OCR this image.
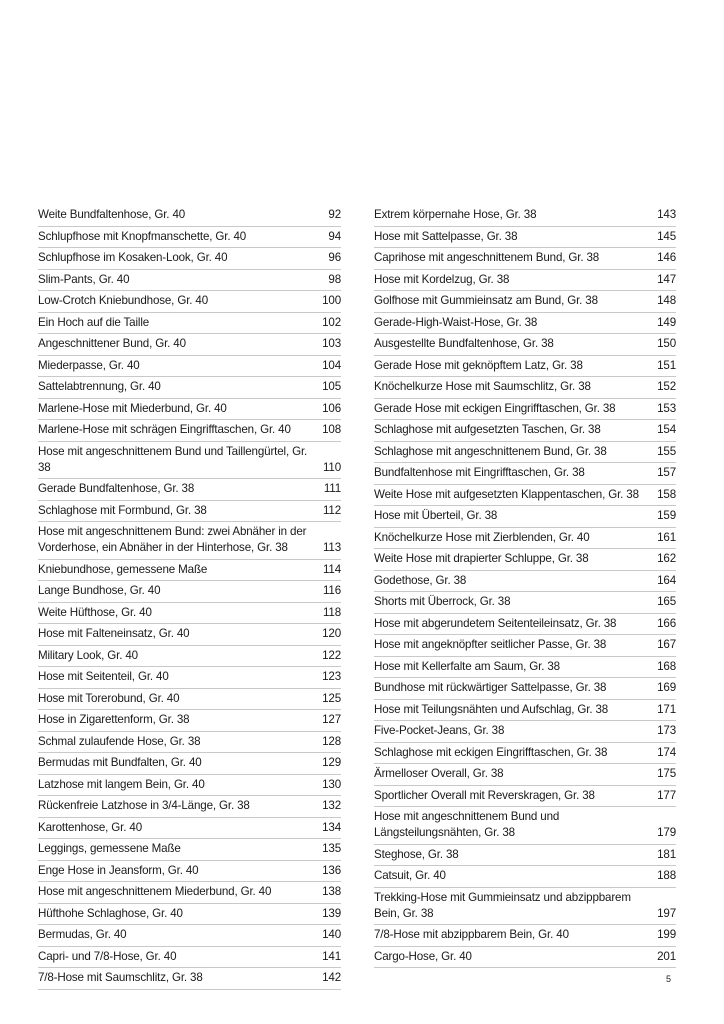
Weite Bundfaltenhose, Gr. 40	92
Schlupfhose mit Knopfmanschette, Gr. 40	94
Schlupfhose im Kosaken-Look, Gr. 40	96
Slim-Pants, Gr. 40	98
Low-Crotch Kniebundhose, Gr. 40	100
Ein Hoch auf die Taille	102
Angeschnittener Bund, Gr. 40	103
Miederpasse, Gr. 40	104
Sattelabtrennung, Gr. 40	105
Marlene-Hose mit Miederbund, Gr. 40	106
Marlene-Hose mit schrägen Eingrifftaschen, Gr. 40	108
Hose mit angeschnittenem Bund und Taillengürtel, Gr. 38	110
Gerade Bundfaltenhose, Gr. 38	111
Schlaghose mit Formbund, Gr. 38	112
Hose mit angeschnittenem Bund: zwei Abnäher in der Vorderhose, ein Abnäher in der Hinterhose, Gr. 38	113
Kniebundhose, gemessene Maße	114
Lange Bundhose, Gr. 40	116
Weite Hüfthose, Gr. 40	118
Hose mit Falteneinsatz, Gr. 40	120
Military Look, Gr. 40	122
Hose mit Seitenteil, Gr. 40	123
Hose mit Torerobund, Gr. 40	125
Hose in Zigarettenform, Gr. 38	127
Schmal zulaufende Hose, Gr. 38	128
Bermudas mit Bundfalten, Gr. 40	129
Latzhose mit langem Bein, Gr. 40	130
Rückenfreie Latzhose in 3/4-Länge, Gr. 38	132
Karottenhose, Gr. 40	134
Leggings, gemessene Maße	135
Enge Hose in Jeansform, Gr. 40	136
Hose mit angeschnittenem Miederbund, Gr. 40	138
Hüfthohe Schlaghose, Gr. 40	139
Bermudas, Gr. 40	140
Capri- und 7/8-Hose, Gr. 40	141
7/8-Hose mit Saumschlitz, Gr. 38	142
Extrem körpernahe Hose, Gr. 38	143
Hose mit Sattelpasse, Gr. 38	145
Caprihose mit angeschnittenem Bund, Gr. 38	146
Hose mit Kordelzug, Gr. 38	147
Golfhose mit Gummieinsatz am Bund, Gr. 38	148
Gerade-High-Waist-Hose, Gr. 38	149
Ausgestellte Bundfaltenhose, Gr. 38	150
Gerade Hose mit geknöpftem Latz, Gr. 38	151
Knöchelkurze Hose mit Saumschlitz, Gr. 38	152
Gerade Hose mit eckigen Eingrifftaschen, Gr. 38	153
Schlaghose mit aufgesetzten Taschen, Gr. 38	154
Schlaghose mit angeschnittenem Bund, Gr. 38	155
Bundfaltenhose mit Eingrifftaschen, Gr. 38	157
Weite Hose mit aufgesetzten Klappentaschen, Gr. 38	158
Hose mit Überteil, Gr. 38	159
Knöchelkurze Hose mit Zierblenden, Gr. 40	161
Weite Hose mit drapierter Schluppe, Gr. 38	162
Godethose, Gr. 38	164
Shorts mit Überrock, Gr. 38	165
Hose mit abgerundetem Seitenteileinsatz, Gr. 38	166
Hose mit angeknöpfter seitlicher Passe, Gr. 38	167
Hose mit Kellerfalte am Saum, Gr. 38	168
Bundhose mit rückwärtiger Sattelpasse, Gr. 38	169
Hose mit Teilungsnähten und Aufschlag, Gr. 38	171
Five-Pocket-Jeans, Gr. 38	173
Schlaghose mit eckigen Eingrifftaschen, Gr. 38	174
Ärmelloser Overall, Gr. 38	175
Sportlicher Overall mit Reverskragen, Gr. 38	177
Hose mit angeschnittenem Bund und Längsteilungsnähten, Gr. 38	179
Steghose, Gr. 38	181
Catsuit, Gr. 40	188
Trekking-Hose mit Gummieinsatz und abzippbarem Bein, Gr. 38	197
7/8-Hose mit abzippbarem Bein, Gr. 40	199
Cargo-Hose, Gr. 40	201
5
